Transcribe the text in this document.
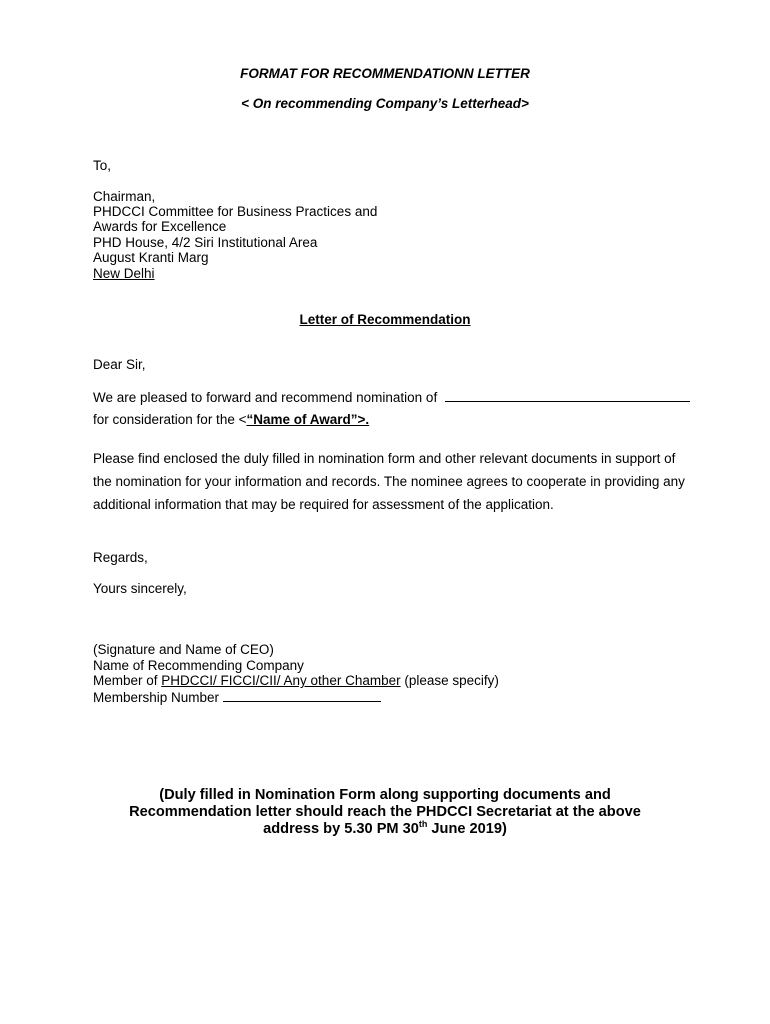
FORMAT FOR RECOMMENDATIONN LETTER
< On recommending Company’s Letterhead>
To,
Chairman,
PHDCCI Committee for Business Practices and
Awards for Excellence
PHD House, 4/2 Siri Institutional Area
August Kranti Marg
New Delhi
Letter of Recommendation
Dear Sir,
We are pleased to forward and recommend nomination of
for consideration for the <“Name of Award”>.
Please find enclosed the duly filled in nomination form and other relevant documents in support of
the nomination for your information and records. The nominee agrees to cooperate in providing any
additional information that may be required for assessment of the application.
Regards,
Yours sincerely,
(Signature and Name of CEO)
Name of Recommending Company
Member of PHDCCI/ FICCI/CII/ Any other Chamber (please specify)
Membership Number
(Duly filled in Nomination Form along supporting documents and
Recommendation letter should reach the PHDCCI Secretariat at the above
address by 5.30 PM 30th June 2019)
